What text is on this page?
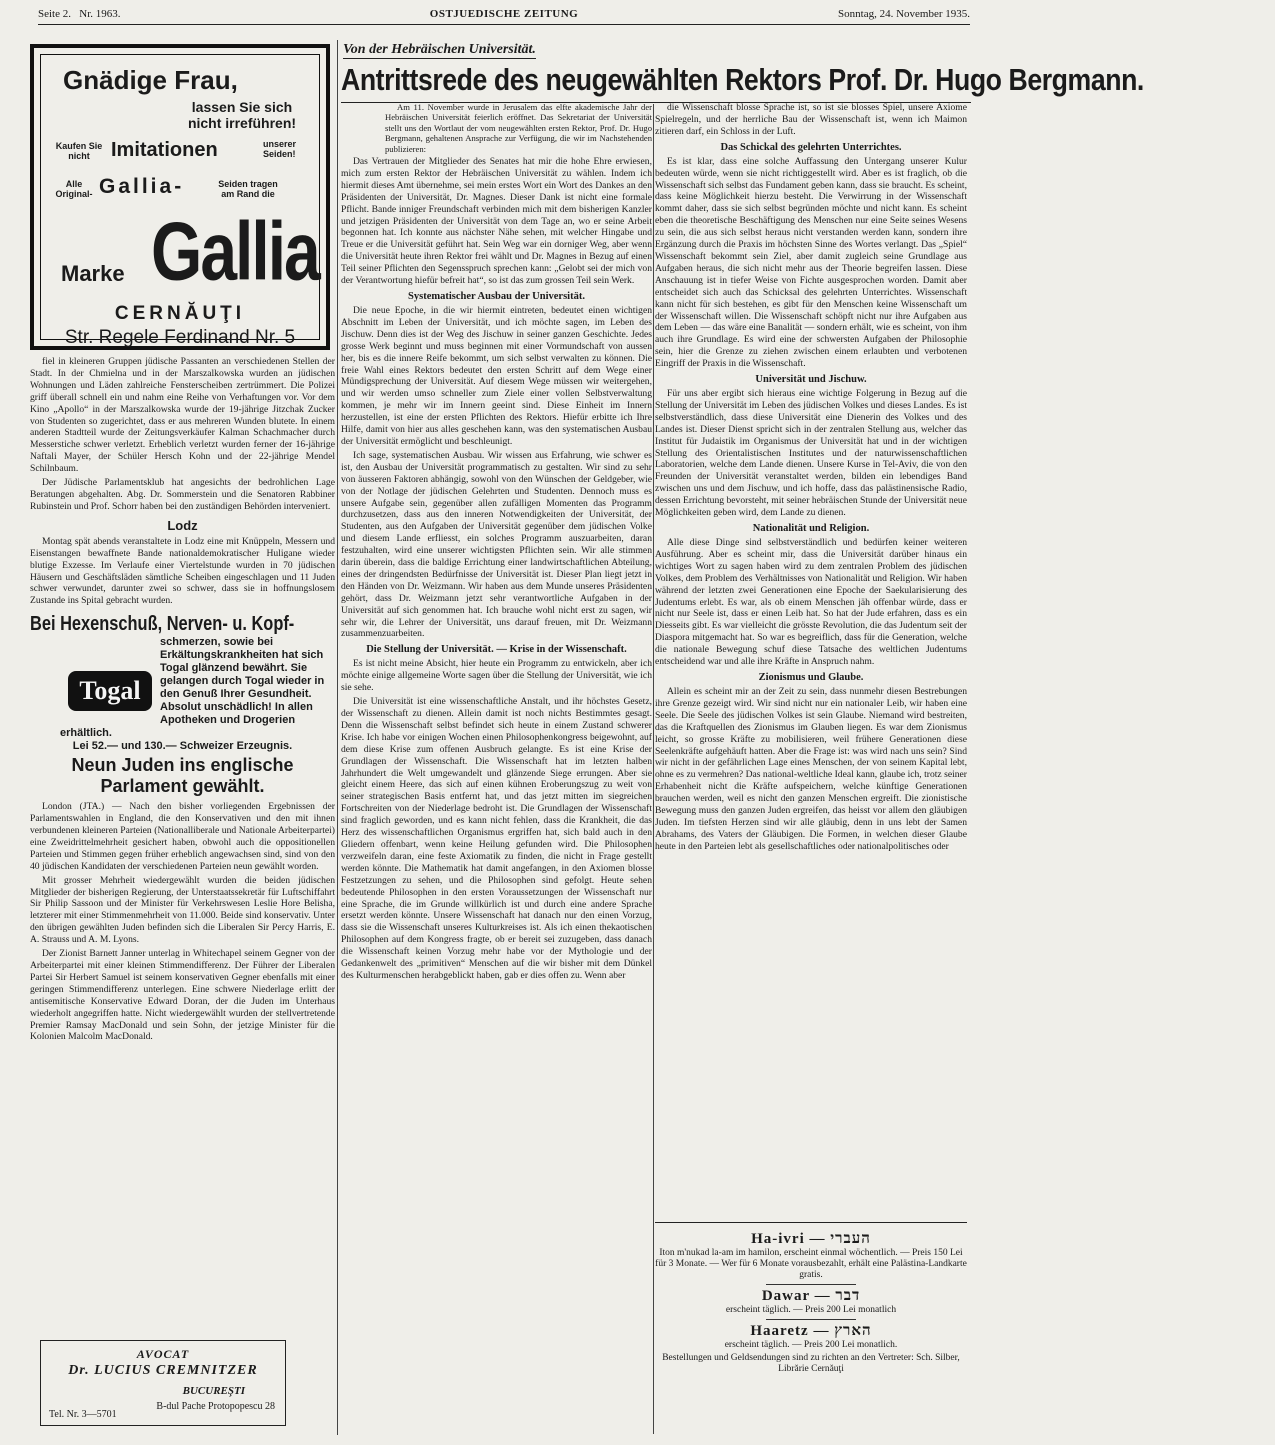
Seite 2. Nr. 1963.	OSTJUEDISCHE ZEITUNG	Sonntag, 24. November 1935.
Gnädige Frau,
lassen Sie sich nicht irreführen!
Kaufen Sie nicht	Imitationen	unserer Seiden!
Alle Original- Gallia-	Seiden tragen am Rand die
Marke Gallia
CERNĂUŢI
Str. Regele Ferdinand Nr. 5

fiel in kleineren Gruppen jüdische Passanten an verschiedenen Stellen der Stadt. In der Chmielna und in der Marszalkowska wurden an jüdischen Wohnungen und Läden zahlreiche Fensterscheiben zertrümmert. Die Polizei griff überall schnell ein und nahm eine Reihe von Verhaftungen vor. Vor dem Kino „Apollo“ in der Marszalkowska wurde der 19-jährige Jitzchak Zucker von Studenten so zugerichtet, dass er aus mehreren Wunden blutete. In einem anderen Stadtteil wurde der Zeitungsverkäufer Kalman Schachmacher durch Messerstiche schwer verletzt. Erheblich verletzt wurden ferner der 16-jährige Naftali Mayer, der Schüler Hersch Kohn und der 22-jährige Mendel Schilnbaum.

Der Jüdische Parlamentsklub hat angesichts der bedrohlichen Lage Beratungen abgehalten. Abg. Dr. Sommerstein und die Senatoren Rabbiner Rubinstein und Prof. Schorr haben bei den zuständigen Behörden interveniert.

Lodz

Montag spät abends veranstaltete in Lodz eine mit Knüppeln, Messern und Eisenstangen bewaffnete Bande nationaldemokratischer Huligane wieder blutige Exzesse. Im Verlaufe einer Viertelstunde wurden in 70 jüdischen Häusern und Geschäftsläden sämtliche Scheiben eingeschlagen und 11 Juden schwer verwundet, darunter zwei so schwer, dass sie in hoffnungslosem Zustande ins Spital gebracht wurden.

Bei Hexenschuß, Nerven- u. Kopf-
Togal
schmerzen, sowie bei Erkältungskrankheiten hat sich Togal glänzend bewährt. Sie gelangen durch Togal wieder in den Genuß Ihrer Gesundheit. Absolut unschädlich! In allen Apotheken und Drogerien erhältlich.
Lei 52.— und 130.— Schweizer Erzeugnis.
Neun Juden ins englische Parlament gewählt.

London (JTA.) — Nach den bisher vorliegenden Ergebnissen der Parlamentswahlen in England, die den Konservativen und den mit ihnen verbundenen kleineren Parteien (Nationalliberale und Nationale Arbeiterpartei) eine Zweidrittelmehrheit gesichert haben, obwohl auch die oppositionellen Parteien und Stimmen gegen früher erheblich angewachsen sind, sind von den 40 jüdischen Kandidaten der verschiedenen Parteien neun gewählt worden.

Mit grosser Mehrheit wiedergewählt wurden die beiden jüdischen Mitglieder der bisherigen Regierung, der Unterstaatssekretär für Luftschiffahrt Sir Philip Sassoon und der Minister für Verkehrswesen Leslie Hore Belisha, letzterer mit einer Stimmenmehrheit von 11.000. Beide sind konservativ. Unter den übrigen gewählten Juden befinden sich die Liberalen Sir Percy Harris, E. A. Strauss und A. M. Lyons.

Der Zionist Barnett Janner unterlag in Whitechapel seinem Gegner von der Arbeiterpartei mit einer kleinen Stimmendifferenz. Der Führer der Liberalen Partei Sir Herbert Samuel ist seinem konservativen Gegner ebenfalls mit einer geringen Stimmendifferenz unterlegen. Eine schwere Niederlage erlitt der antisemitische Konservative Edward Doran, der die Juden im Unterhaus wiederholt angegriffen hatte. Nicht wiedergewählt wurden der stellvertretende Premier Ramsay MacDonald und sein Sohn, der jetzige Minister für die Kolonien Malcolm MacDonald.

AVOCAT
Dr. LUCIUS CREMNITZER
BUCUREŞTI
B-dul Pache Protopopescu 28
Tel. Nr. 3—5701
Von der Hebräischen Universität.
Antrittsrede des neugewählten Rektors Prof. Dr. Hugo Bergmann.

Am 11. November wurde in Jerusalem das elfte akademische Jahr der Hebräischen Universität feierlich eröffnet. Das Sekretariat der Universität stellt uns den Wortlaut der vom neugewählten ersten Rektor, Prof. Dr. Hugo Bergmann, gehaltenen Ansprache zur Verfügung, die wir im Nachstehenden publizieren:

Das Vertrauen der Mitglieder des Senates hat mir die hohe Ehre erwiesen, mich zum ersten Rektor der Hebräischen Universität zu wählen. Indem ich hiermit dieses Amt übernehme, sei mein erstes Wort ein Wort des Dankes an den Präsidenten der Universität, Dr. Magnes. Dieser Dank ist nicht eine formale Pflicht. Bande inniger Freundschaft verbinden mich mit dem bisherigen Kanzler und jetzigen Präsidenten der Universität von dem Tage an, wo er seine Arbeit begonnen hat. Ich konnte aus nächster Nähe sehen, mit welcher Hingabe und Treue er die Universität geführt hat. Sein Weg war ein dorniger Weg, aber wenn die Universität heute ihren Rektor frei wählt und Dr. Magnes in Bezug auf einen Teil seiner Pflichten den Segensspruch sprechen kann: „Gelobt sei der mich von der Verantwortung hiefür befreit hat“, so ist das zum grossen Teil sein Werk.

Systematischer Ausbau der Universität.

Die neue Epoche, in die wir hiermit eintreten, bedeutet einen wichtigen Abschnitt im Leben der Universität, und ich möchte sagen, im Leben des Jischuw. Denn dies ist der Weg des Jischuw in seiner ganzen Geschichte. Jedes grosse Werk beginnt und muss beginnen mit einer Vormundschaft von aussen her, bis es die innere Reife bekommt, um sich selbst verwalten zu können. Die freie Wahl eines Rektors bedeutet den ersten Schritt auf dem Wege einer Mündigsprechung der Universität. Auf diesem Wege müssen wir weitergehen, und wir werden umso schneller zum Ziele einer vollen Selbstverwaltung kommen, je mehr wir im Innern geeint sind. Diese Einheit im Innern herzustellen, ist eine der ersten Pflichten des Rektors. Hiefür erbitte ich Ihre Hilfe, damit von hier aus alles geschehen kann, was den systematischen Ausbau der Universität ermöglicht und beschleunigt.

Ich sage, systematischen Ausbau. Wir wissen aus Erfahrung, wie schwer es ist, den Ausbau der Universität programmatisch zu gestalten. Wir sind zu sehr von äusseren Faktoren abhängig, sowohl von den Wünschen der Geldgeber, wie von der Notlage der jüdischen Gelehrten und Studenten. Dennoch muss es unsere Aufgabe sein, gegenüber allen zufälligen Momenten das Programm durchzusetzen, dass aus den inneren Notwendigkeiten der Universität, der Studenten, aus den Aufgaben der Universität gegenüber dem jüdischen Volke und diesem Lande erfliesst, ein solches Programm auszuarbeiten, daran festzuhalten, wird eine unserer wichtigsten Pflichten sein. Wir alle stimmen darin überein, dass die baldige Errichtung einer landwirtschaftlichen Abteilung, eines der dringendsten Bedürfnisse der Universität ist. Dieser Plan liegt jetzt in den Händen von Dr. Weizmann. Wir haben aus dem Munde unseres Präsidenten gehört, dass Dr. Weizmann jetzt sehr verantwortliche Aufgaben in der Universität auf sich genommen hat. Ich brauche wohl nicht erst zu sagen, wir sehr wir, die Lehrer der Universität, uns darauf freuen, mit Dr. Weizmann zusammenzuarbeiten.

Die Stellung der Universität. — Krise in der Wissenschaft.

Es ist nicht meine Absicht, hier heute ein Programm zu entwickeln, aber ich möchte einige allgemeine Worte sagen über die Stellung der Universität, wie ich sie sehe.

Die Universität ist eine wissenschaftliche Anstalt, und ihr höchstes Gesetz, der Wissenschaft zu dienen. Allein damit ist noch nichts Bestimmtes gesagt. Denn die Wissenschaft selbst befindet sich heute in einem Zustand schwerer Krise. Ich habe vor einigen Wochen einen Philosophenkongress beigewohnt, auf dem diese Krise zum offenen Ausbruch gelangte. Es ist eine Krise der Grundlagen der Wissenschaft. Die Wissenschaft hat im letzten halben Jahrhundert die Welt umgewandelt und glänzende Siege errungen. Aber sie gleicht einem Heere, das sich auf einen kühnen Eroberungszug zu weit von seiner strategischen Basis entfernt hat, und das jetzt mitten im siegreichen Fortschreiten von der Niederlage bedroht ist. Die Grundlagen der Wissenschaft sind fraglich geworden, und es kann nicht fehlen, dass die Krankheit, die das Herz des wissenschaftlichen Organismus ergriffen hat, sich bald auch in den Gliedern offenbart, wenn keine Heilung gefunden wird. Die Philosophen verzweifeln daran, eine feste Axiomatik zu finden, die nicht in Frage gestellt werden könnte. Die Mathematik hat damit angefangen, in den Axiomen blosse Festzetzungen zu sehen, und die Philosophen sind gefolgt. Heute sehen bedeutende Philosophen in den ersten Voraussetzungen der Wissenschaft nur eine Sprache, die im Grunde willkürlich ist und durch eine andere Sprache ersetzt werden könnte. Unsere Wissenschaft hat danach nur den einen Vorzug, dass sie die Wissenschaft unseres Kulturkreises ist. Als ich einen thekaotischen Philosophen auf dem Kongress fragte, ob er bereit sei zuzugeben, dass danach die Wissenschaft keinen Vorzug mehr habe vor der Mythologie und der Gedankenwelt des „primitiven“ Menschen auf die wir bisher mit dem Dünkel des Kulturmenschen herabgeblickt haben, gab er dies offen zu. Wenn aber

die Wissenschaft blosse Sprache ist, so ist sie blosses Spiel, unsere Axiome Spielregeln, und der herrliche Bau der Wissenschaft ist, wenn ich Maimon zitieren darf, ein Schloss in der Luft.

Das Schickal des gelehrten Unterrichtes.

Es ist klar, dass eine solche Auffassung den Untergang unserer Kulur bedeuten würde, wenn sie nicht richtiggestellt wird. Aber es ist fraglich, ob die Wissenschaft sich selbst das Fundament geben kann, dass sie braucht. Es scheint, dass keine Möglichkeit hierzu besteht. Die Verwirrung in der Wissenschaft kommt daher, dass sie sich selbst begründen möchte und nicht kann. Es scheint eben die theoretische Beschäftigung des Menschen nur eine Seite seines Wesens zu sein, die aus sich selbst heraus nicht verstanden werden kann, sondern ihre Ergänzung durch die Praxis im höchsten Sinne des Wortes verlangt. Das „Spiel“ Wissenschaft bekommt sein Ziel, aber damit zugleich seine Grundlage aus Aufgaben heraus, die sich nicht mehr aus der Theorie begreifen lassen. Diese Anschauung ist in tiefer Weise von Fichte ausgesprochen worden. Damit aber entscheidet sich auch das Schicksal des gelehrten Unterrichtes. Wissenschaft kann nicht für sich bestehen, es gibt für den Menschen keine Wissenschaft um der Wissenschaft willen. Die Wissenschaft schöpft nicht nur ihre Aufgaben aus dem Leben — das wäre eine Banalität — sondern erhält, wie es scheint, von ihm auch ihre Grundlage. Es wird eine der schwersten Aufgaben der Philosophie sein, hier die Grenze zu ziehen zwischen einem erlaubten und verbotenen Eingriff der Praxis in die Wissenschaft.

Universität und Jischuw.

Für uns aber ergibt sich hieraus eine wichtige Folgerung in Bezug auf die Stellung der Universität im Leben des jüdischen Volkes und dieses Landes. Es ist selbstverständlich, dass diese Universität eine Dienerin des Volkes und des Landes ist. Dieser Dienst spricht sich in der zentralen Stellung aus, welcher das Institut für Judaistik im Organismus der Universität hat und in der wichtigen Stellung des Orientalistischen Institutes und der naturwissenschaftlichen Laboratorien, welche dem Lande dienen. Unsere Kurse in Tel-Aviv, die von den Freunden der Universität veranstaltet werden, bilden ein lebendiges Band zwischen uns und dem Jischuw, und ich hoffe, dass das palästinensische Radio, dessen Errichtung bevorsteht, mit seiner hebräischen Stunde der Universität neue Möglichkeiten geben wird, dem Lande zu dienen.

Nationalität und Religion.

Alle diese Dinge sind selbstverständlich und bedürfen keiner weiteren Ausführung. Aber es scheint mir, dass die Universität darüber hinaus ein wichtiges Wort zu sagen haben wird zu dem zentralen Problem des jüdischen Volkes, dem Problem des Verhältnisses von Nationalität und Religion. Wir haben während der letzten zwei Generationen eine Epoche der Saekularisierung des Judentums erlebt. Es war, als ob einem Menschen jäh offenbar würde, dass er nicht nur Seele ist, dass er einen Leib hat. So hat der Jude erfahren, dass es ein Diesseits gibt. Es war vielleicht die grösste Revolution, die das Judentum seit der Diaspora mitgemacht hat. So war es begreiflich, dass für die Generation, welche die nationale Bewegung schuf diese Tatsache des weltlichen Judentums entscheidend war und alle ihre Kräfte in Anspruch nahm.

Zionismus und Glaube.

Allein es scheint mir an der Zeit zu sein, dass nunmehr diesen Bestrebungen ihre Grenze gezeigt wird. Wir sind nicht nur ein nationaler Leib, wir haben eine Seele. Die Seele des jüdischen Volkes ist sein Glaube. Niemand wird bestreiten, das die Kraftquellen des Zionismus im Glauben liegen. Es war dem Zionismus leicht, so grosse Kräfte zu mobilisieren, weil frühere Generationen diese Seelenkräfte aufgehäuft hatten. Aber die Frage ist: was wird nach uns sein? Sind wir nicht in der gefährlichen Lage eines Menschen, der von seinem Kapital lebt, ohne es zu vermehren? Das national-weltliche Ideal kann, glaube ich, trotz seiner Erhabenheit nicht die Kräfte aufspeichern, welche künftige Generationen brauchen werden, weil es nicht den ganzen Menschen ergreift. Die zionistische Bewegung muss den ganzen Juden ergreifen, das heisst vor allem den gläubigen Juden. Im tiefsten Herzen sind wir alle gläubig, denn in uns lebt der Samen Abrahams, des Vaters der Gläubigen. Die Formen, in welchen dieser Glaube heute in den Parteien lebt als gesellschaftliches oder nationalpolitisches oder

Ha-ivri — העברי
Iton m'nukad la-am im hamilon, erscheint einmal wöchentlich. — Preis 150 Lei für 3 Monate. — Wer für 6 Monate vorausbezahlt, erhält eine Palästina-Landkarte gratis.
Dawar — דבר
erscheint täglich. — Preis 200 Lei monatlich
Haaretz — הארץ
erscheint täglich. — Preis 200 Lei monatlich.
Bestellungen und Geldsendungen sind zu richten an den Vertreter: Sch. Silber, Librărie Cernăuţi
